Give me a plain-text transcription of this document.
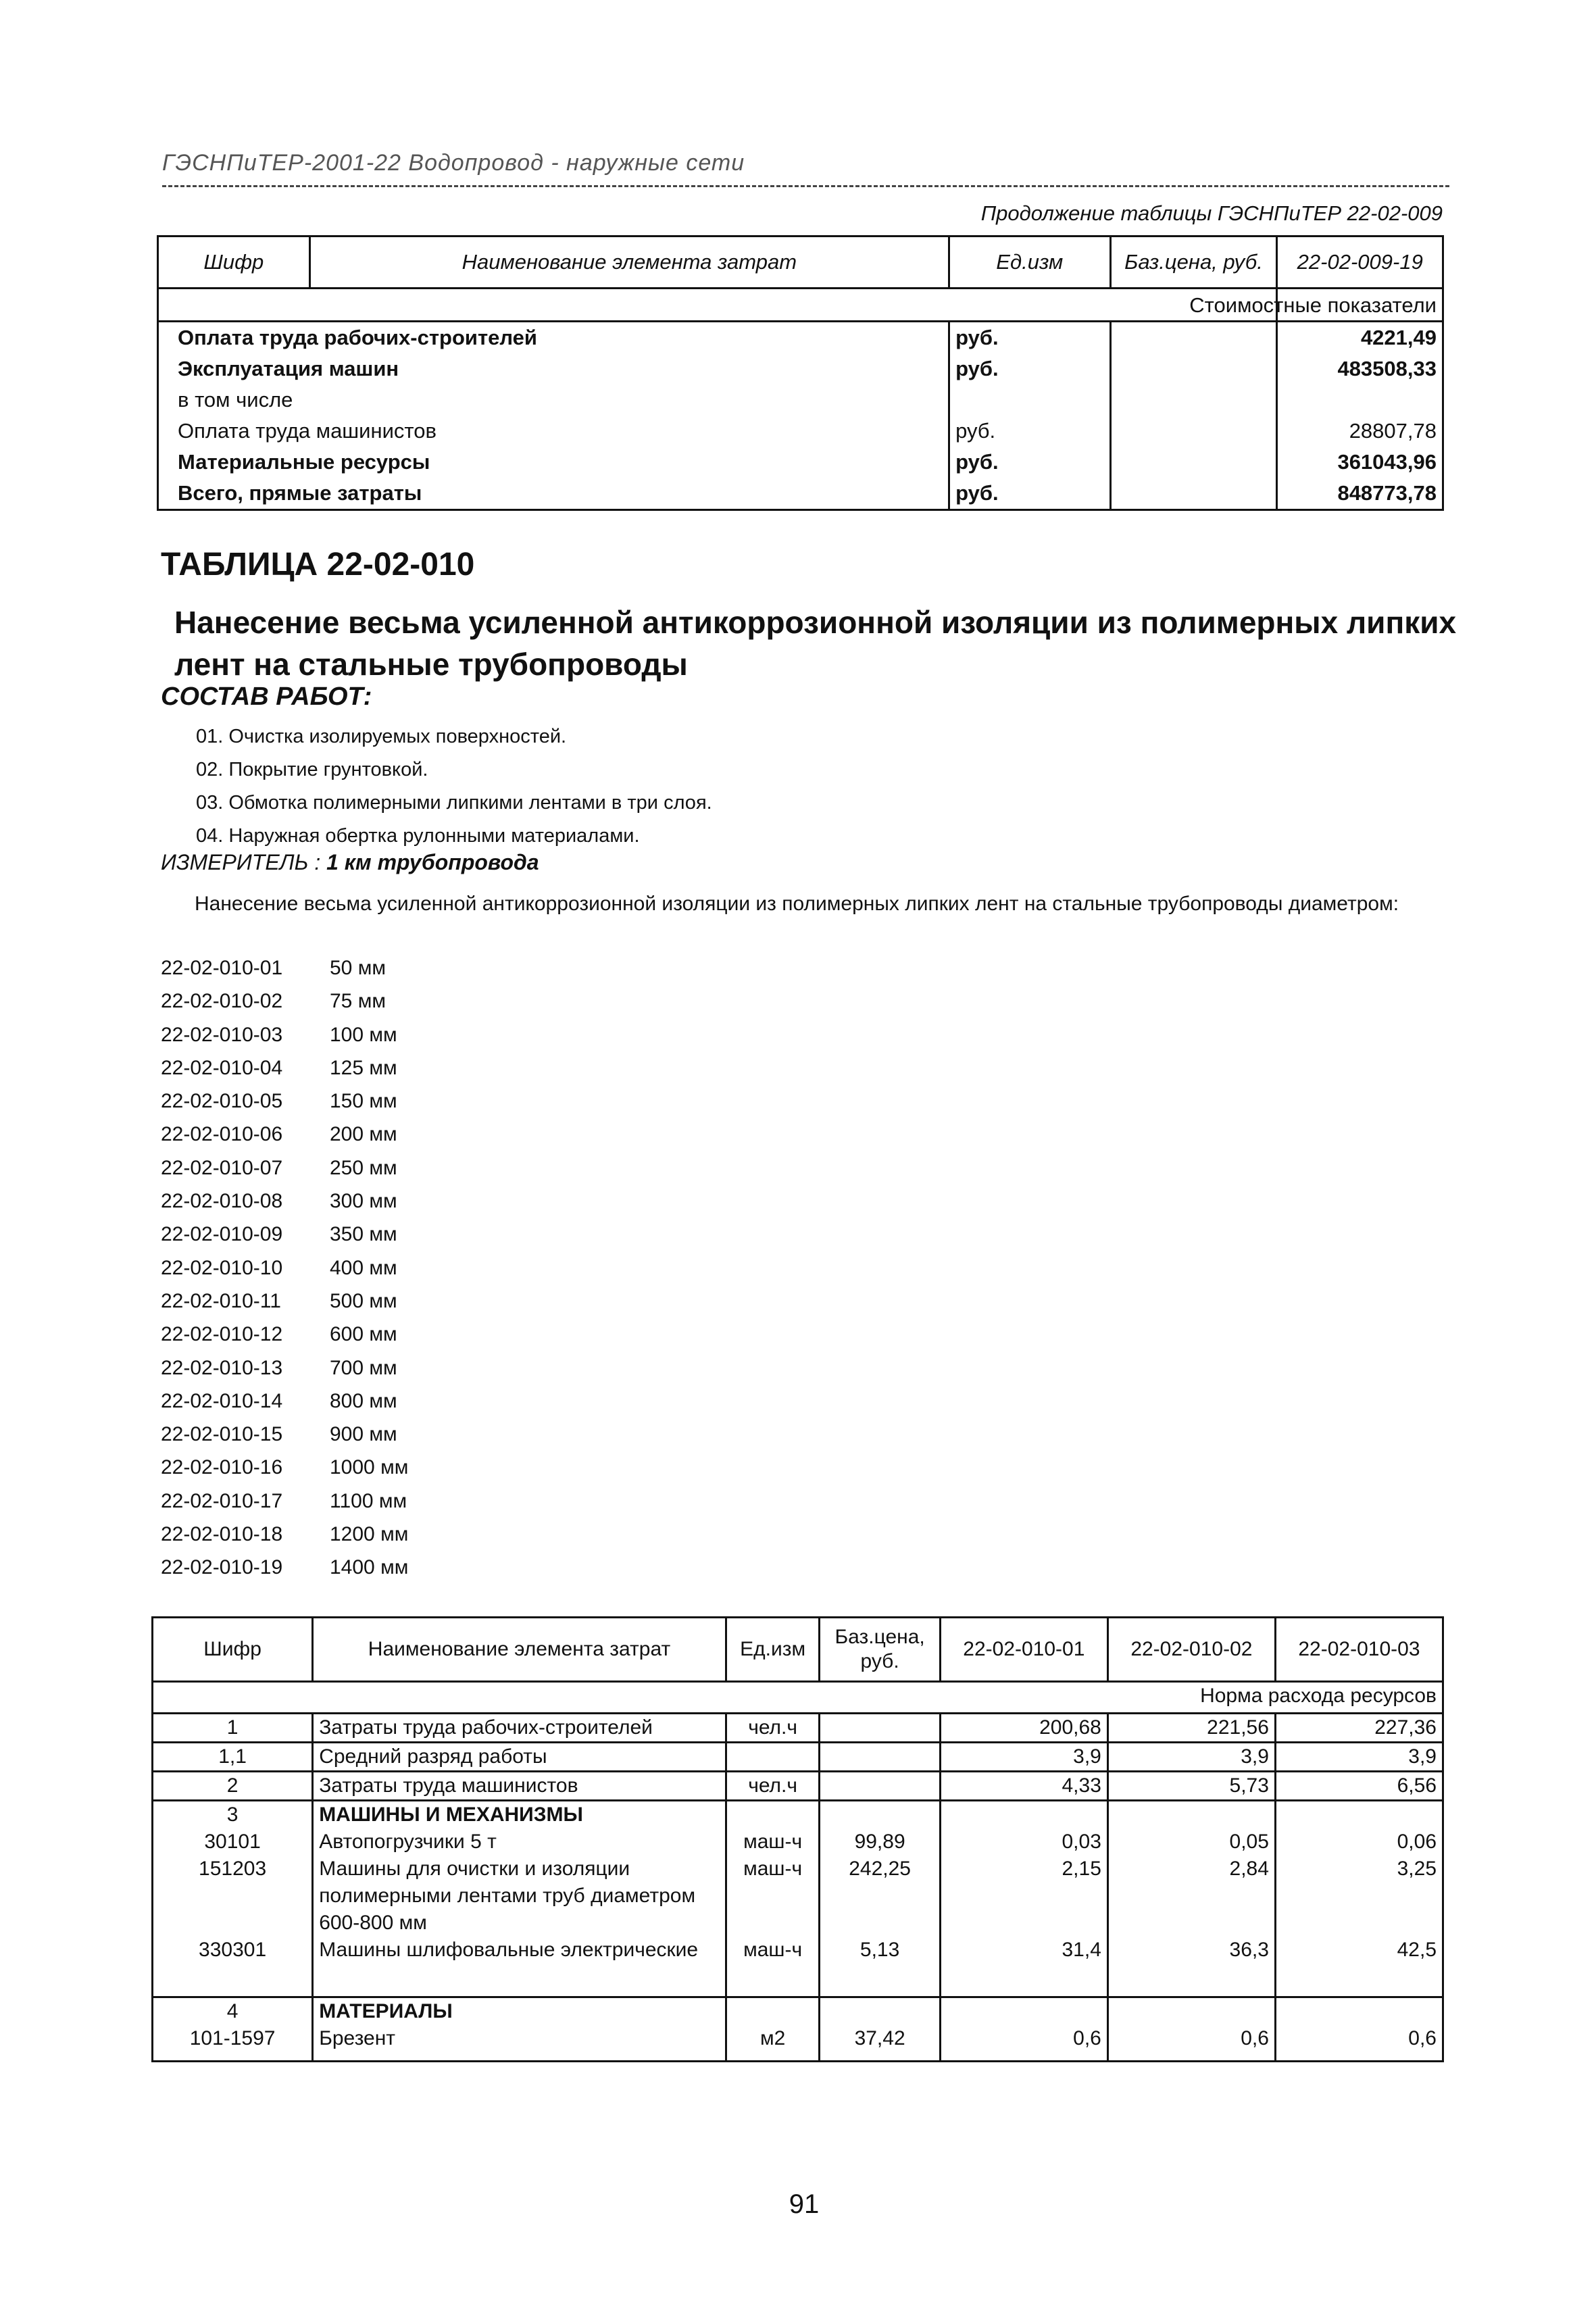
ГЭСНПиТЕР-2001-22 Водопровод - наружные сети
Продолжение таблицы ГЭСНПиТЕР 22-02-009
Шифр	Наименование элемента затрат	Ед.изм	Баз.цена, руб.	22-02-009-19

				Стоимостные показатели

Оплата труда рабочих-строителей		руб.		4221,49
Эксплуатация машин		руб.		483508,33
в том числе				
Оплата труда машинистов		руб.		28807,78
Материальные ресурсы		руб.		361043,96
Всего, прямые затраты		руб.		848773,78
ТАБЛИЦА 22-02-010
Нанесение весьма усиленной антикоррозионной изоляции из полимерных липких лент на стальные трубопроводы
СОСТАВ РАБОТ:
01. Очистка изолируемых поверхностей.
02. Покрытие грунтовкой.
03. Обмотка полимерными липкими лентами в три слоя.
04. Наружная обертка рулонными материалами.
ИЗМЕРИТЕЛЬ : 1 км трубопровода
Нанесение весьма усиленной антикоррозионной изоляции из полимерных липких лент на стальные трубопроводы диаметром:
22-02-010-01 50 мм
22-02-010-02 75 мм
22-02-010-03 100 мм
22-02-010-04 125 мм
22-02-010-05 150 мм
22-02-010-06 200 мм
22-02-010-07 250 мм
22-02-010-08 300 мм
22-02-010-09 350 мм
22-02-010-10 400 мм
22-02-010-11 500 мм
22-02-010-12 600 мм
22-02-010-13 700 мм
22-02-010-14 800 мм
22-02-010-15 900 мм
22-02-010-16 1000 мм
22-02-010-17 1100 мм
22-02-010-18 1200 мм
22-02-010-19 1400 мм
Шифр	Наименование элемента затрат	Ед.изм	Баз.цена, руб.	22-02-010-01	22-02-010-02	22-02-010-03
Норма расхода ресурсов						
1	Затраты труда рабочих-строителей	чел.ч		200,68	221,56	227,36
1,1	Средний разряд работы			3,9	3,9	3,9
2	Затраты труда машинистов	чел.ч		4,33	5,73	6,56
3	МАШИНЫ И МЕХАНИЗМЫ					
30101	Автопогрузчики 5 т	маш-ч	99,89	0,03	0,05	0,06
151203	Машины для очистки и изоляции полимерными лентами труб диаметром 600-800 мм	маш-ч	242,25	2,15	2,84	3,25
330301	Машины шлифовальные электрические	маш-ч	5,13	31,4	36,3	42,5
4	МАТЕРИАЛЫ					
101-1597	Брезент	м2	37,42	0,6	0,6	0,6
91
